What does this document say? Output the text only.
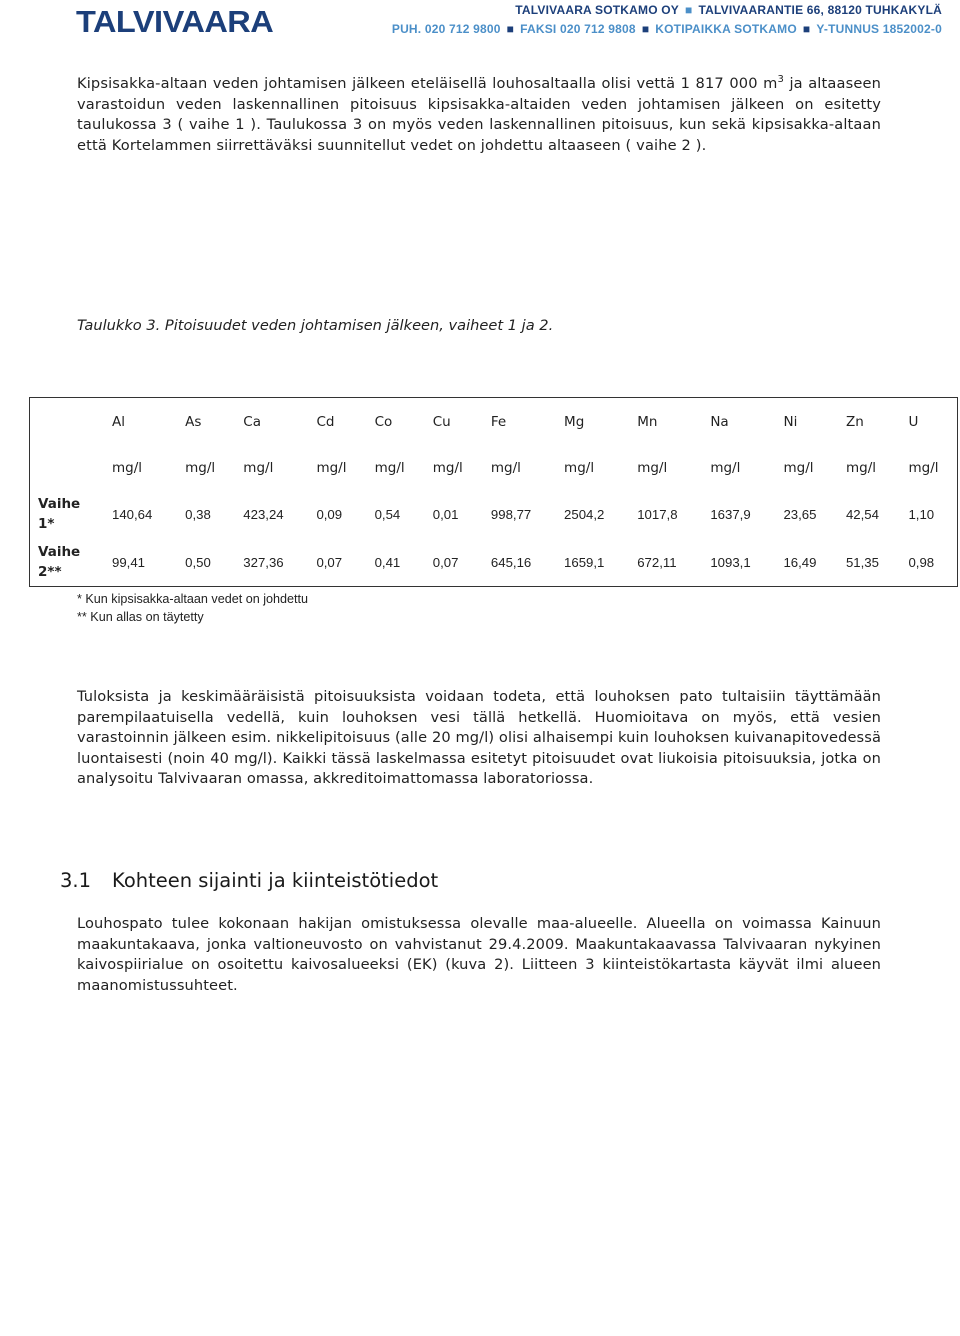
TALVIVAARA	TALVIVAARA SOTKAMO OY ■ TALVIVAARANTIE 66, 88120 TUHKAKYLÄ
PUH. 020 712 9800 ■ FAKSI 020 712 9808 ■ KOTIPAIKKA SOTKAMO ■ Y-TUNNUS 1852002-0
Kipsisakka-altaan veden johtamisen jälkeen eteläisellä louhosaltaalla olisi vettä 1 817 000 $m^3$ ja altaaseen varastoidun veden laskennallinen pitoisuus kipsisakka-altaiden veden johtamisen jälkeen on esitetty taulukossa 3 ( vaihe 1 ). Taulukossa 3 on myös veden laskennallinen pitoisuus, kun sekä kipsisakka-altaan että Kortelammen siirrettäväksi suunnitellut vedet on johdettu altaaseen ( vaihe 2 ).
Taulukko 3. Pitoisuudet veden johtamisen jälkeen, vaiheet 1 ja 2.
	Al	As	Ca	Cd	Co	Cu	Fe	Mg	Mn	Na	Ni	Zn	U
	mg/l	mg/l	mg/l	mg/l	mg/l	mg/l	mg/l	mg/l	mg/l	mg/l	mg/l	mg/l	mg/l

Vaihe
1*	140,64	0,38	423,24	0,09	0,54	0,01	998,77	2504,2	1017,8	1637,9	23,65	42,54	1,10

Vaihe
2**	99,41	0,50	327,36	0,07	0,41	0,07	645,16	1659,1	672,11	1093,1	16,49	51,35	0,98
* Kun kipsisakka-altaan vedet on johdettu
** Kun allas on täytetty
Tuloksista ja keskimääräisistä pitoisuuksista voidaan todeta, että louhoksen pato tultaisiin täyttämään parempilaatuisella vedellä, kuin louhoksen vesi tällä hetkellä. Huomioitava on myös, että vesien varastoinnin jälkeen esim. nikkelipitoisuus (alle 20 mg/l) olisi alhaisempi kuin louhoksen kuivanapitovedessä luontaisesti (noin 40 mg/l). Kaikki tässä laskelmassa esitetyt pitoisuudet ovat liukoisia pitoisuuksia, jotka on analysoitu Talvivaaran omassa, akkreditoimattomassa laboratoriossa.
3.1 Kohteen sijainti ja kiinteistötiedot
Louhospato tulee kokonaan hakijan omistuksessa olevalle maa-alueelle. Alueella on voimassa Kainuun maakuntakaava, jonka valtioneuvosto on vahvistanut 29.4.2009. Maakuntakaavassa Talvivaaran nykyinen kaivospiirialue on osoitettu kaivosalueeksi (EK) (kuva 2). Liitteen 3 kiinteistökartasta käyvät ilmi alueen maanomistussuhteet.
